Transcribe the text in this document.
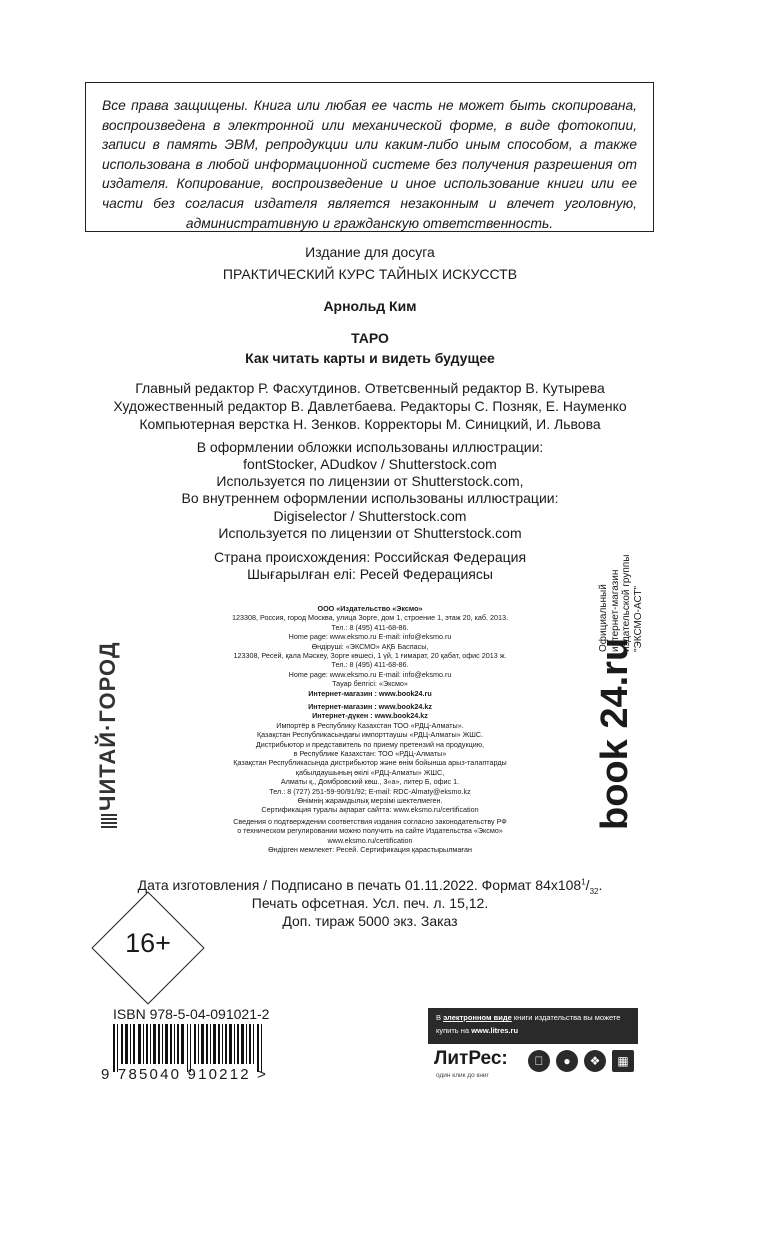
Все права защищены. Книга или любая ее часть не может быть скопирована, воспроизведена в электронной или механической форме, в виде фотокопии, записи в память ЭВМ, репродукции или каким-либо иным способом, а также использована в любой информационной системе без получения разрешения от издателя. Копирование, воспроизведение и иное использование книги или ее части без согласия издателя является незаконным и влечет уголовную, административную и гражданскую ответственность.

Издание для досуга
ПРАКТИЧЕСКИЙ КУРС ТАЙНЫХ ИСКУССТВ
Арнольд Ким
ТАРО
Как читать карты и видеть будущее
Главный редактор Р. Фасхутдинов. Ответсвенный редактор В. Кутырева
Художественный редактор В. Давлетбаева. Редакторы С. Позняк, Е. Науменко
Компьютерная верстка Н. Зенков. Корректоры М. Синицкий, И. Львова
В оформлении обложки использованы иллюстрации:
fontStocker, ADudkov / Shutterstock.com
Используется по лицензии от Shutterstock.com,
Во внутреннем оформлении использованы иллюстрации:
Digiselector / Shutterstock.com
Используется по лицензии от Shutterstock.com
Страна происхождения: Российская Федерация
Шығарылған елі: Ресей Федерациясы
ООО «Издательство «Эксмо»
123308, Россия, город Москва, улица Зорге, дом 1, строение 1, этаж 20, каб. 2013.
Тел.: 8 (495) 411-68-86.
Home page: www.eksmo.ru E-mail: info@eksmo.ru
Өндіруші: «ЭКСМО» АҚБ Баспасы,
123308, Ресей, қала Мәскеу, Зорге көшесі, 1 үй, 1 ғимарат, 20 қабат, офис 2013 ж.
Тел.: 8 (495) 411-68-86.
Home page: www.eksmo.ru E-mail: info@eksmo.ru
Тауар белгісі: «Эксмо»
Интернет-магазин : www.book24.ru
Интернет-магазин : www.book24.kz
Интернет-дүкен : www.book24.kz
Импортёр в Республику Казахстан ТОО «РДЦ-Алматы».
Қазақстан Республикасындағы импорттаушы «РДЦ-Алматы» ЖШС.
Дистрибьютор и представитель по приему претензий на продукцию,
в Республике Казахстан: ТОО «РДЦ-Алматы»
Қазақстан Республикасында дистрибьютор және өнім бойынша арыз-талаптарды
қабылдаушының өкілі «РДЦ-Алматы» ЖШС,
Алматы қ., Домбровский көш., 3«а», литер Б, офис 1.
Тел.: 8 (727) 251-59-90/91/92; E-mail: RDC-Almaty@eksmo.kz
Өнімнің жарамдылық мерзімі шектелмеген.
Сертификация туралы ақпарат сайтта: www.eksmo.ru/certification
Сведения о подтверждении соответствия издания согласно законодательству РФ
о техническом регулировании можно получить на сайте Издательства «Эксмо»
www.eksmo.ru/certification
Өндірген мемлекет: Ресей. Сертификация қарастырылмаған
ЧИТАЙ·ГОРОД
Официальный интернет-магазин издательской группы "ЭКСМО-АСТ"
book 24.ru
Дата изготовления / Подписано в печать 01.11.2022. Формат $84x108^1/_{32}$.
Печать офсетная. Усл. печ. л. 15,12.
Доп. тираж 5000 экз. Заказ
16+
ISBN 978-5-04-091021-2
9 785040 910212 >
В электронном виде книги издательства вы можете
купить на www.litres.ru
ЛитРес:
один клик до книг
●	❖	▦
